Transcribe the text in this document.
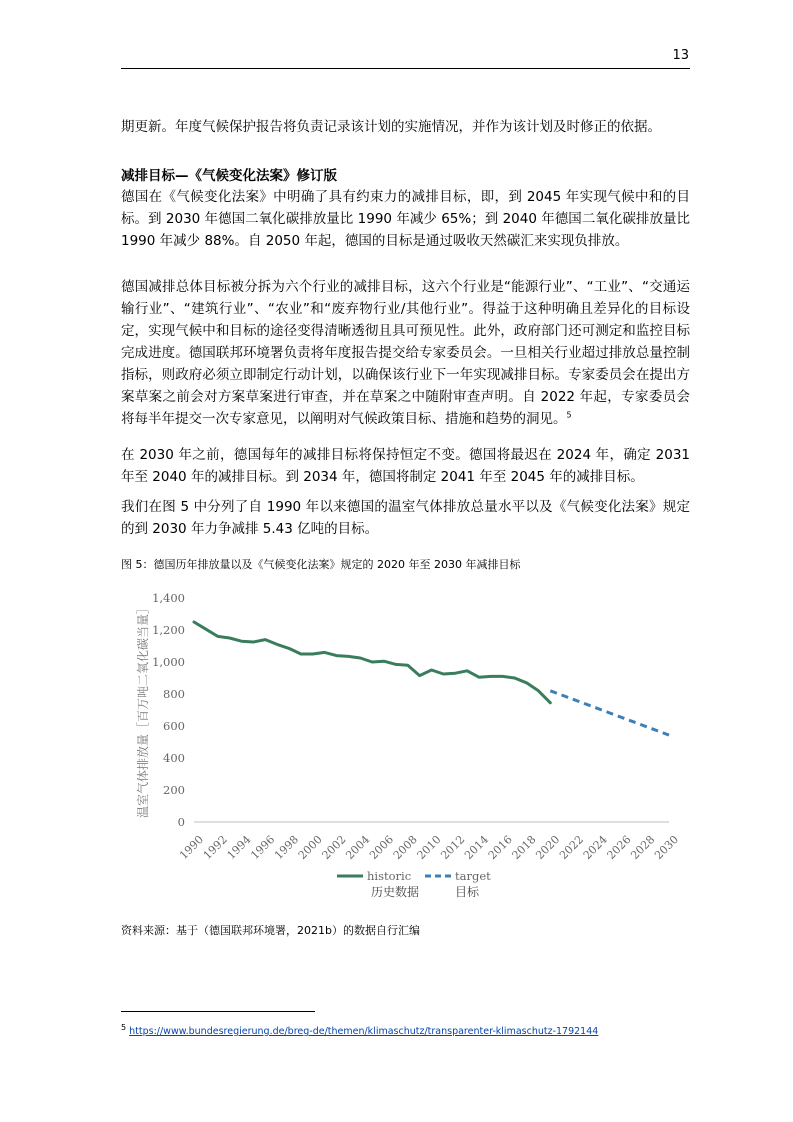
13
期更新。年度气候保护报告将负责记录该计划的实施情况，并作为该计划及时修正的依据。
减排目标—《气候变化法案》修订版
德国在《气候变化法案》中明确了具有约束力的减排目标，即，到 2045 年实现气候中和的目标。到 2030 年德国二氧化碳排放量比 1990 年减少 65%；到 2040 年德国二氧化碳排放量比 1990 年减少 88%。自 2050 年起，德国的目标是通过吸收天然碳汇来实现负排放。
德国减排总体目标被分拆为六个行业的减排目标，这六个行业是“能源行业”、“工业”、“交通运输行业”、“建筑行业”、“农业”和“废弃物行业/其他行业”。得益于这种明确且差异化的目标设定，实现气候中和目标的途径变得清晰透彻且具可预见性。此外，政府部门还可测定和监控目标完成进度。德国联邦环境署负责将年度报告提交给专家委员会。一旦相关行业超过排放总量控制指标，则政府必须立即制定行动计划，以确保该行业下一年实现减排目标。专家委员会在提出方案草案之前会对方案草案进行审查，并在草案之中随附审查声明。自 2022 年起，专家委员会将每半年提交一次专家意见，以阐明对气候政策目标、措施和趋势的洞见。$^5$
在 2030 年之前，德国每年的减排目标将保持恒定不变。德国将最迟在 2024 年，确定 2031 年至 2040 年的减排目标。到 2034 年，德国将制定 2041 年至 2045 年的减排目标。
我们在图 5 中分列了自 1990 年以来德国的温室气体排放总量水平以及《气候变化法案》规定的到 2030 年力争减排 5.43 亿吨的目标。
图 5：德国历年排放量以及《气候变化法案》规定的 2020 年至 2030 年减排目标
0
200
400
600
800
1,000
1,200
1,400
1990
1992
1994
1996
1998
2000
2002
2004
2006
2008
2010
2012
2014
2016
2018
2020
2022
2024
2026
2028
2030
温室气体排放量［百万吨二氧化碳当量］
historic
历史数据
target
目标
资料来源：基于（德国联邦环境署，2021b）的数据自行汇编
$^5$ https://www.bundesregierung.de/breg-de/themen/klimaschutz/transparenter-klimaschutz-1792144
